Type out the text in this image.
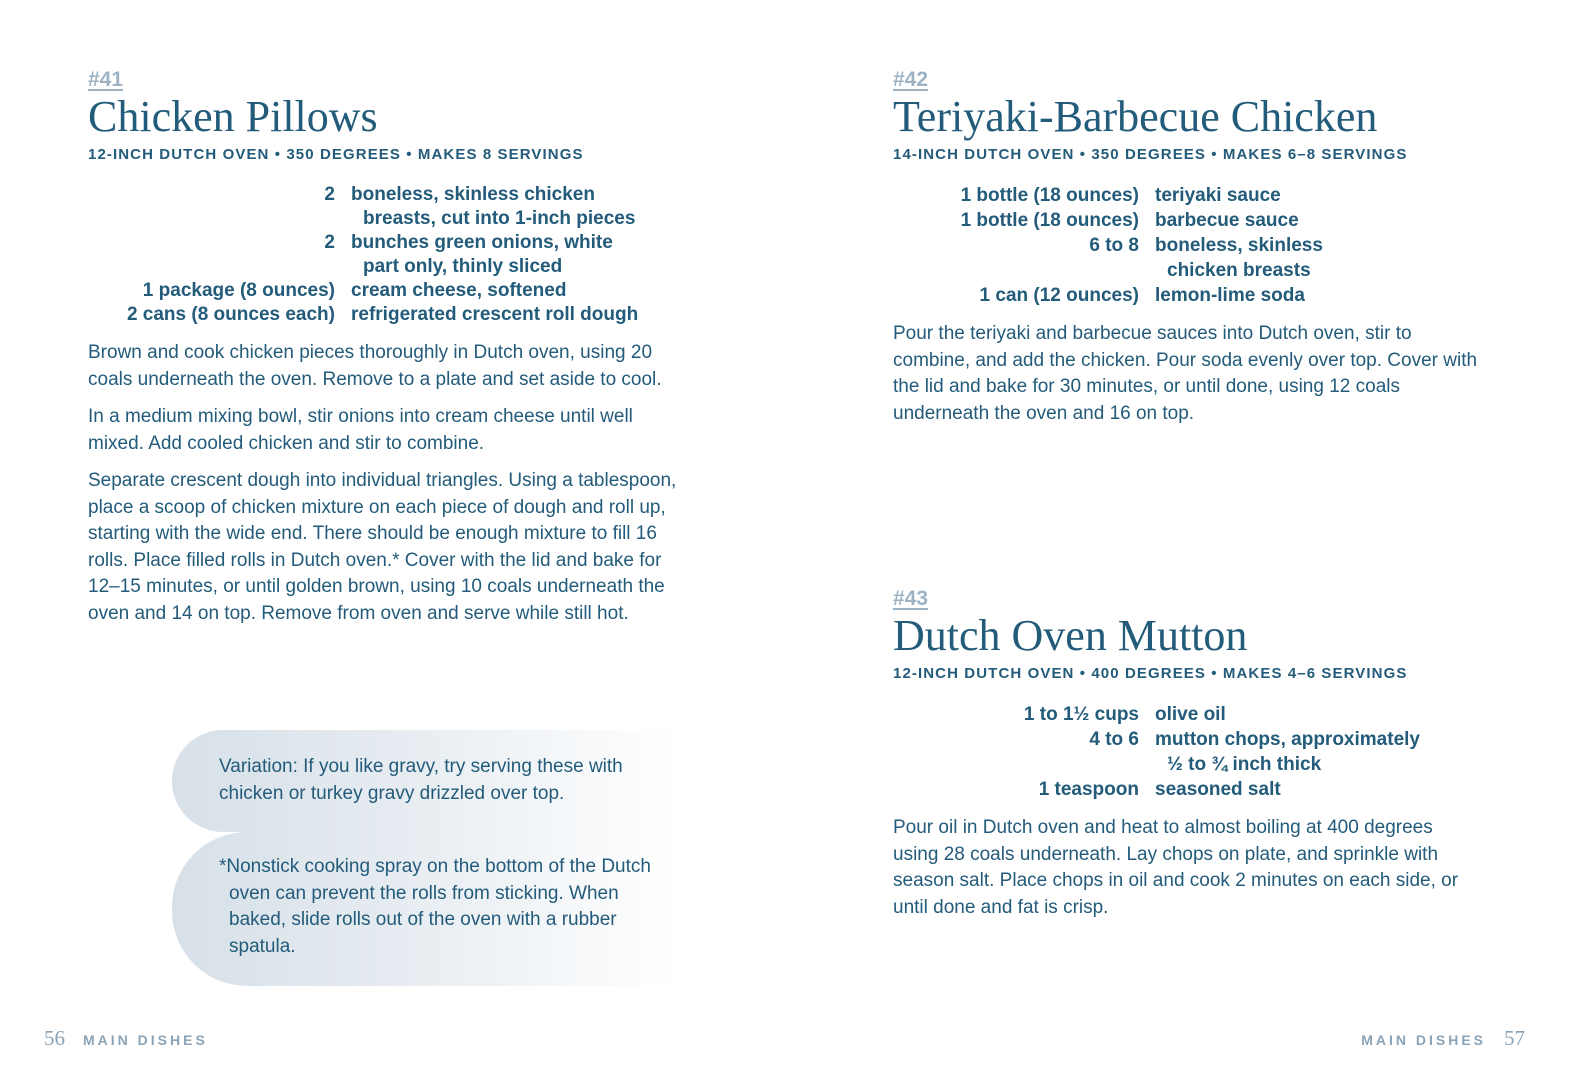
#41
Chicken Pillows
12-INCH DUTCH OVEN • 350 DEGREES • MAKES 8 SERVINGS
2 boneless, skinless chicken
breasts, cut into 1-inch pieces
2 bunches green onions, white
part only, thinly sliced
1 package (8 ounces) cream cheese, softened
2 cans (8 ounces each) refrigerated crescent roll dough

Brown and cook chicken pieces thoroughly in Dutch oven, using 20 coals underneath the oven. Remove to a plate and set aside to cool.

In a medium mixing bowl, stir onions into cream cheese until well mixed. Add cooled chicken and stir to combine.

Separate crescent dough into individual triangles. Using a tablespoon, place a scoop of chicken mixture on each piece of dough and roll up, starting with the wide end. There should be enough mixture to fill 16 rolls. Place filled rolls in Dutch oven.* Cover with the lid and bake for 12–15 minutes, or until golden brown, using 10 coals underneath the oven and 14 on top. Remove from oven and serve while still hot.

Variation: If you like gravy, try serving these with chicken or turkey gravy drizzled over top.
*Nonstick cooking spray on the bottom of the Dutch oven can prevent the rolls from sticking. When baked, slide rolls out of the oven with a rubber spatula.
#42
Teriyaki-Barbecue Chicken
14-INCH DUTCH OVEN • 350 DEGREES • MAKES 6–8 SERVINGS
1 bottle (18 ounces) teriyaki sauce
1 bottle (18 ounces) barbecue sauce
6 to 8 boneless, skinless
chicken breasts
1 can (12 ounces) lemon-lime soda

Pour the teriyaki and barbecue sauces into Dutch oven, stir to combine, and add the chicken. Pour soda evenly over top. Cover with the lid and bake for 30 minutes, or until done, using 12 coals underneath the oven and 16 on top.

#43
Dutch Oven Mutton
12-INCH DUTCH OVEN • 400 DEGREES • MAKES 4–6 SERVINGS
1 to 1½ cups olive oil
4 to 6 mutton chops, approximately
½ to ¾ inch thick
1 teaspoon seasoned salt

Pour oil in Dutch oven and heat to almost boiling at 400 degrees using 28 coals underneath. Lay chops on plate, and sprinkle with season salt. Place chops in oil and cook 2 minutes on each side, or until done and fat is crisp.

56 MAIN DISHES	MAIN DISHES 57
